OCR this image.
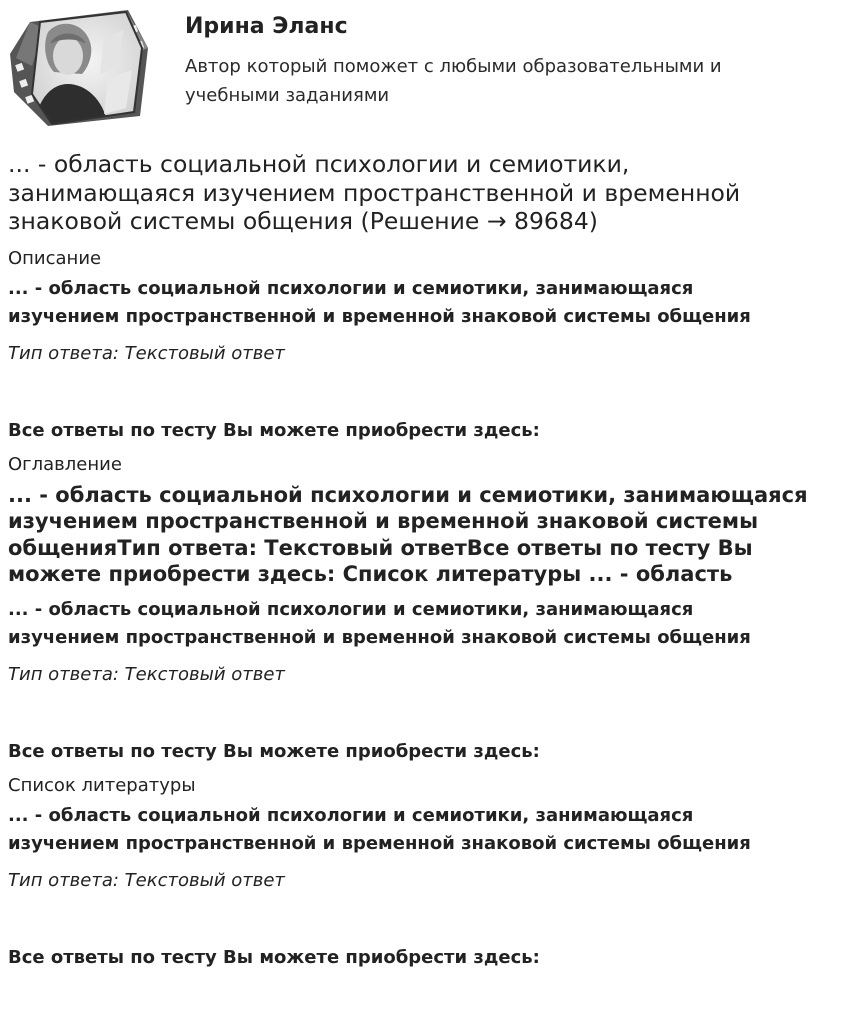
Ирина Эланс
Автор который поможет с любыми образовательными и учебными заданиями
... - область социальной психологии и семиотики, занимающаяся изучением пространственной и временной знаковой системы общения (Решение → 89684)
Описание
... - область социальной психологии и семиотики, занимающаяся изучением пространственной и временной знаковой системы общения
Тип ответа: Текстовый ответ
Все ответы по тесту Вы можете приобрести здесь:
Оглавление
... - область социальной психологии и семиотики, занимающаяся изучением пространственной и временной знаковой системы общенияТип ответа: Текстовый ответВсе ответы по тесту Вы можете приобрести здесь: Список литературы ... - область
... - область социальной психологии и семиотики, занимающаяся изучением пространственной и временной знаковой системы общения
Тип ответа: Текстовый ответ
Все ответы по тесту Вы можете приобрести здесь:
Список литературы
... - область социальной психологии и семиотики, занимающаяся изучением пространственной и временной знаковой системы общения
Тип ответа: Текстовый ответ
Все ответы по тесту Вы можете приобрести здесь:
